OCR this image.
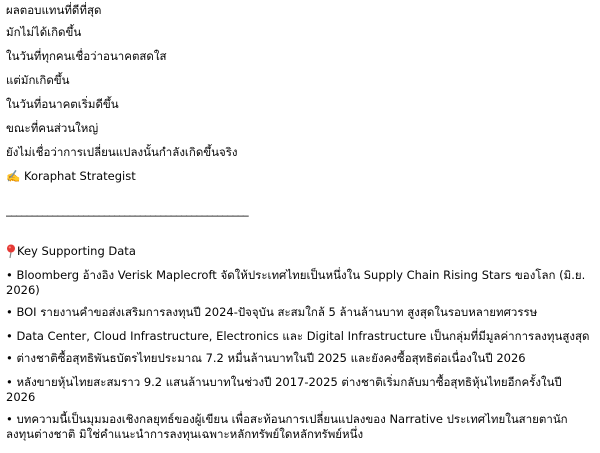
ผลตอบแทนที่ดีที่สุด

มักไม่ได้เกิดขึ้น

ในวันที่ทุกคนเชื่อว่าอนาคตสดใส

แต่มักเกิดขึ้น

ในวันที่อนาคตเริ่มดีขึ้น

ขณะที่คนส่วนใหญ่

ยังไม่เชื่อว่าการเปลี่ยนแปลงนั้นกำลังเกิดขึ้นจริง

✍️ Koraphat Strategist

_______________________________________________

Key Supporting Data

• Bloomberg อ้างอิง Verisk Maplecroft จัดให้ประเทศไทยเป็นหนึ่งใน Supply Chain Rising Stars ของโลก (มิ.ย. 2026)

• BOI รายงานคำขอส่งเสริมการลงทุนปี 2024-ปัจจุบัน สะสมใกล้ 5 ล้านล้านบาท สูงสุดในรอบหลายทศวรรษ

• Data Center, Cloud Infrastructure, Electronics และ Digital Infrastructure เป็นกลุ่มที่มีมูลค่าการลงทุนสูงสุด

• ต่างชาติซื้อสุทธิพันธบัตรไทยประมาณ 7.2 หมื่นล้านบาทในปี 2025 และยังคงซื้อสุทธิต่อเนื่องในปี 2026

• หลังขายหุ้นไทยสะสมราว 9.2 แสนล้านบาทในช่วงปี 2017-2025 ต่างชาติเริ่มกลับมาซื้อสุทธิหุ้นไทยอีกครั้งในปี 2026

• บทความนี้เป็นมุมมองเชิงกลยุทธ์ของผู้เขียน เพื่อสะท้อนการเปลี่ยนแปลงของ Narrative ประเทศไทยในสายตานักลงทุนต่างชาติ มิใช่คำแนะนำการลงทุนเฉพาะหลักทรัพย์ใดหลักทรัพย์หนึ่ง
